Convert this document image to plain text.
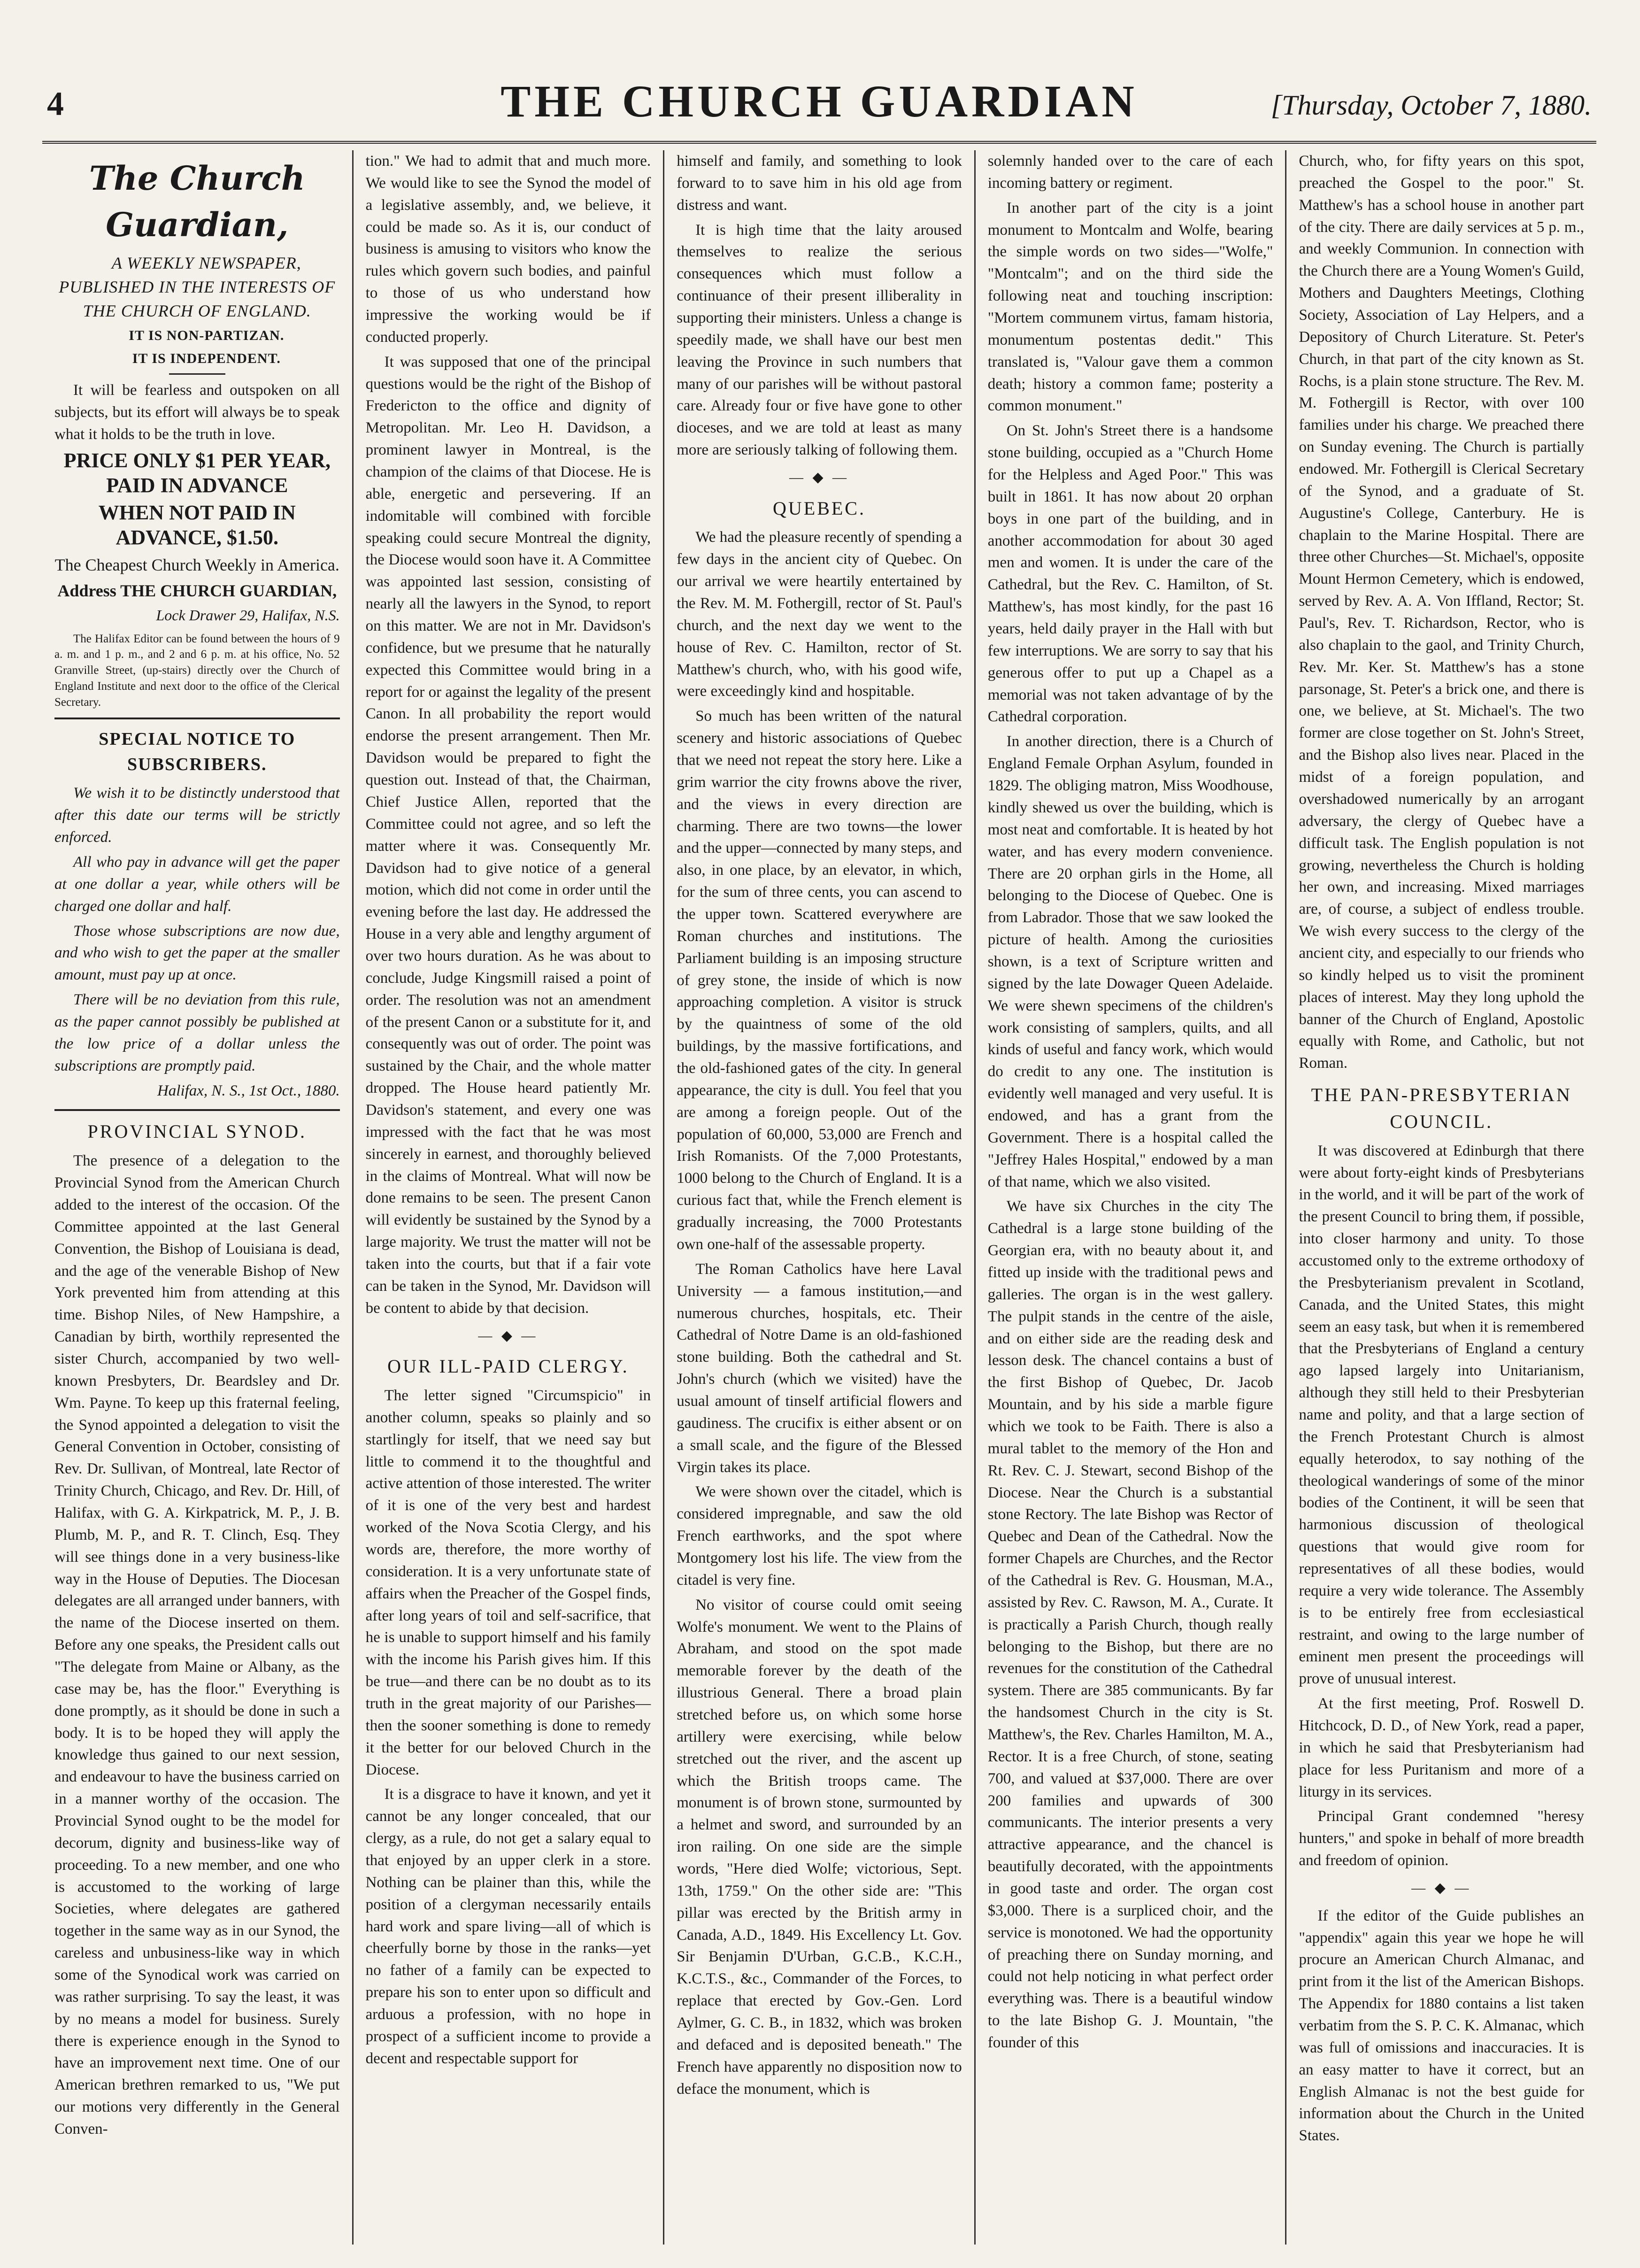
4	THE CHURCH GUARDIAN	[Thursday, October 7, 1880.
The Church Guardian,

A WEEKLY NEWSPAPER, PUBLISHED IN THE INTERESTS OF THE CHURCH OF ENGLAND.

IT IS NON-PARTIZAN.

IT IS INDEPENDENT.

It will be fearless and outspoken on all subjects, but its effort will always be to speak what it holds to be the truth in love.

PRICE ONLY $1 PER YEAR, PAID IN ADVANCE
WHEN NOT PAID IN ADVANCE, $1.50.
The Cheapest Church Weekly in America.
Address THE CHURCH GUARDIAN,
Lock Drawer 29, Halifax, N.S.

The Halifax Editor can be found between the hours of 9 a. m. and 1 p. m., and 2 and 6 p. m. at his office, No. 52 Granville Street, (up-stairs) directly over the Church of England Institute and next door to the office of the Clerical Secretary.

SPECIAL NOTICE TO SUBSCRIBERS.

We wish it to be distinctly understood that after this date our terms will be strictly enforced.

All who pay in advance will get the paper at one dollar a year, while others will be charged one dollar and half.

Those whose subscriptions are now due, and who wish to get the paper at the smaller amount, must pay up at once.

There will be no deviation from this rule, as the paper cannot possibly be published at the low price of a dollar unless the subscriptions are promptly paid.

Halifax, N. S., 1st Oct., 1880.

PROVINCIAL SYNOD.

The presence of a delegation to the Provincial Synod from the American Church added to the interest of the occasion. Of the Committee appointed at the last General Convention, the Bishop of Louisiana is dead, and the age of the venerable Bishop of New York prevented him from attending at this time. Bishop Niles, of New Hampshire, a Canadian by birth, worthily represented the sister Church, accompanied by two well-known Presbyters, Dr. Beardsley and Dr. Wm. Payne. To keep up this fraternal feeling, the Synod appointed a delegation to visit the General Convention in October, consisting of Rev. Dr. Sullivan, of Montreal, late Rector of Trinity Church, Chicago, and Rev. Dr. Hill, of Halifax, with G. A. Kirkpatrick, M. P., J. B. Plumb, M. P., and R. T. Clinch, Esq. They will see things done in a very business-like way in the House of Deputies. The Diocesan delegates are all arranged under banners, with the name of the Diocese inserted on them. Before any one speaks, the President calls out "The delegate from Maine or Albany, as the case may be, has the floor." Everything is done promptly, as it should be done in such a body. It is to be hoped they will apply the knowledge thus gained to our next session, and endeavour to have the business carried on in a manner worthy of the occasion. The Provincial Synod ought to be the model for decorum, dignity and business-like way of proceeding. To a new member, and one who is accustomed to the working of large Societies, where delegates are gathered together in the same way as in our Synod, the careless and unbusiness-like way in which some of the Synodical work was carried on was rather surprising. To say the least, it was by no means a model for business. Surely there is experience enough in the Synod to have an improvement next time. One of our American brethren remarked to us, "We put our motions very differently in the General Conven-

tion." We had to admit that and much more. We would like to see the Synod the model of a legislative assembly, and, we believe, it could be made so. As it is, our conduct of business is amusing to visitors who know the rules which govern such bodies, and painful to those of us who understand how impressive the working would be if conducted properly.

It was supposed that one of the principal questions would be the right of the Bishop of Fredericton to the office and dignity of Metropolitan. Mr. Leo H. Davidson, a prominent lawyer in Montreal, is the champion of the claims of that Diocese. He is able, energetic and persevering. If an indomitable will combined with forcible speaking could secure Montreal the dignity, the Diocese would soon have it. A Committee was appointed last session, consisting of nearly all the lawyers in the Synod, to report on this matter. We are not in Mr. Davidson's confidence, but we presume that he naturally expected this Committee would bring in a report for or against the legality of the present Canon. In all probability the report would endorse the present arrangement. Then Mr. Davidson would be prepared to fight the question out. Instead of that, the Chairman, Chief Justice Allen, reported that the Committee could not agree, and so left the matter where it was. Consequently Mr. Davidson had to give notice of a general motion, which did not come in order until the evening before the last day. He addressed the House in a very able and lengthy argument of over two hours duration. As he was about to conclude, Judge Kingsmill raised a point of order. The resolution was not an amendment of the present Canon or a substitute for it, and consequently was out of order. The point was sustained by the Chair, and the whole matter dropped. The House heard patiently Mr. Davidson's statement, and every one was impressed with the fact that he was most sincerely in earnest, and thoroughly believed in the claims of Montreal. What will now be done remains to be seen. The present Canon will evidently be sustained by the Synod by a large majority. We trust the matter will not be taken into the courts, but that if a fair vote can be taken in the Synod, Mr. Davidson will be content to abide by that decision.

— ◆ —
OUR ILL-PAID CLERGY.

The letter signed "Circumspicio" in another column, speaks so plainly and so startlingly for itself, that we need say but little to commend it to the thoughtful and active attention of those interested. The writer of it is one of the very best and hardest worked of the Nova Scotia Clergy, and his words are, therefore, the more worthy of consideration. It is a very unfortunate state of affairs when the Preacher of the Gospel finds, after long years of toil and self-sacrifice, that he is unable to support himself and his family with the income his Parish gives him. If this be true—and there can be no doubt as to its truth in the great majority of our Parishes—then the sooner something is done to remedy it the better for our beloved Church in the Diocese.

It is a disgrace to have it known, and yet it cannot be any longer concealed, that our clergy, as a rule, do not get a salary equal to that enjoyed by an upper clerk in a store. Nothing can be plainer than this, while the position of a clergyman necessarily entails hard work and spare living—all of which is cheerfully borne by those in the ranks—yet no father of a family can be expected to prepare his son to enter upon so difficult and arduous a profession, with no hope in prospect of a sufficient income to provide a decent and respectable support for

himself and family, and something to look forward to to save him in his old age from distress and want.

It is high time that the laity aroused themselves to realize the serious consequences which must follow a continuance of their present illiberality in supporting their ministers. Unless a change is speedily made, we shall have our best men leaving the Province in such numbers that many of our parishes will be without pastoral care. Already four or five have gone to other dioceses, and we are told at least as many more are seriously talking of following them.

— ◆ —
QUEBEC.

We had the pleasure recently of spending a few days in the ancient city of Quebec. On our arrival we were heartily entertained by the Rev. M. M. Fothergill, rector of St. Paul's church, and the next day we went to the house of Rev. C. Hamilton, rector of St. Matthew's church, who, with his good wife, were exceedingly kind and hospitable.

So much has been written of the natural scenery and historic associations of Quebec that we need not repeat the story here. Like a grim warrior the city frowns above the river, and the views in every direction are charming. There are two towns—the lower and the upper—connected by many steps, and also, in one place, by an elevator, in which, for the sum of three cents, you can ascend to the upper town. Scattered everywhere are Roman churches and institutions. The Parliament building is an imposing structure of grey stone, the inside of which is now approaching completion. A visitor is struck by the quaintness of some of the old buildings, by the massive fortifications, and the old-fashioned gates of the city. In general appearance, the city is dull. You feel that you are among a foreign people. Out of the population of 60,000, 53,000 are French and Irish Romanists. Of the 7,000 Protestants, 1000 belong to the Church of England. It is a curious fact that, while the French element is gradually increasing, the 7000 Protestants own one-half of the assessable property.

The Roman Catholics have here Laval University — a famous institution,—and numerous churches, hospitals, etc. Their Cathedral of Notre Dame is an old-fashioned stone building. Both the cathedral and St. John's church (which we visited) have the usual amount of tinself artificial flowers and gaudiness. The crucifix is either absent or on a small scale, and the figure of the Blessed Virgin takes its place.

We were shown over the citadel, which is considered impregnable, and saw the old French earthworks, and the spot where Montgomery lost his life. The view from the citadel is very fine.

No visitor of course could omit seeing Wolfe's monument. We went to the Plains of Abraham, and stood on the spot made memorable forever by the death of the illustrious General. There a broad plain stretched before us, on which some horse artillery were exercising, while below stretched out the river, and the ascent up which the British troops came. The monument is of brown stone, surmounted by a helmet and sword, and surrounded by an iron railing. On one side are the simple words, "Here died Wolfe; victorious, Sept. 13th, 1759." On the other side are: "This pillar was erected by the British army in Canada, A.D., 1849. His Excellency Lt. Gov. Sir Benjamin D'Urban, G.C.B., K.C.H., K.C.T.S., &c., Commander of the Forces, to replace that erected by Gov.-Gen. Lord Aylmer, G. C. B., in 1832, which was broken and defaced and is deposited beneath." The French have apparently no disposition now to deface the monument, which is

solemnly handed over to the care of each incoming battery or regiment.

In another part of the city is a joint monument to Montcalm and Wolfe, bearing the simple words on two sides—"Wolfe," "Montcalm"; and on the third side the following neat and touching inscription: "Mortem communem virtus, famam historia, monumentum postentas dedit." This translated is, "Valour gave them a common death; history a common fame; posterity a common monument."

On St. John's Street there is a handsome stone building, occupied as a "Church Home for the Helpless and Aged Poor." This was built in 1861. It has now about 20 orphan boys in one part of the building, and in another accommodation for about 30 aged men and women. It is under the care of the Cathedral, but the Rev. C. Hamilton, of St. Matthew's, has most kindly, for the past 16 years, held daily prayer in the Hall with but few interruptions. We are sorry to say that his generous offer to put up a Chapel as a memorial was not taken advantage of by the Cathedral corporation.

In another direction, there is a Church of England Female Orphan Asylum, founded in 1829. The obliging matron, Miss Woodhouse, kindly shewed us over the building, which is most neat and comfortable. It is heated by hot water, and has every modern convenience. There are 20 orphan girls in the Home, all belonging to the Diocese of Quebec. One is from Labrador. Those that we saw looked the picture of health. Among the curiosities shown, is a text of Scripture written and signed by the late Dowager Queen Adelaide. We were shewn specimens of the children's work consisting of samplers, quilts, and all kinds of useful and fancy work, which would do credit to any one. The institution is evidently well managed and very useful. It is endowed, and has a grant from the Government. There is a hospital called the "Jeffrey Hales Hospital," endowed by a man of that name, which we also visited.

We have six Churches in the city The Cathedral is a large stone building of the Georgian era, with no beauty about it, and fitted up inside with the traditional pews and galleries. The organ is in the west gallery. The pulpit stands in the centre of the aisle, and on either side are the reading desk and lesson desk. The chancel contains a bust of the first Bishop of Quebec, Dr. Jacob Mountain, and by his side a marble figure which we took to be Faith. There is also a mural tablet to the memory of the Hon and Rt. Rev. C. J. Stewart, second Bishop of the Diocese. Near the Church is a substantial stone Rectory. The late Bishop was Rector of Quebec and Dean of the Cathedral. Now the former Chapels are Churches, and the Rector of the Cathedral is Rev. G. Housman, M.A., assisted by Rev. C. Rawson, M. A., Curate. It is practically a Parish Church, though really belonging to the Bishop, but there are no revenues for the constitution of the Cathedral system. There are 385 communicants. By far the handsomest Church in the city is St. Matthew's, the Rev. Charles Hamilton, M. A., Rector. It is a free Church, of stone, seating 700, and valued at $37,000. There are over 200 families and upwards of 300 communicants. The interior presents a very attractive appearance, and the chancel is beautifully decorated, with the appointments in good taste and order. The organ cost $3,000. There is a surpliced choir, and the service is monotoned. We had the opportunity of preaching there on Sunday morning, and could not help noticing in what perfect order everything was. There is a beautiful window to the late Bishop G. J. Mountain, "the founder of this

Church, who, for fifty years on this spot, preached the Gospel to the poor." St. Matthew's has a school house in another part of the city. There are daily services at 5 p. m., and weekly Communion. In connection with the Church there are a Young Women's Guild, Mothers and Daughters Meetings, Clothing Society, Association of Lay Helpers, and a Depository of Church Literature. St. Peter's Church, in that part of the city known as St. Rochs, is a plain stone structure. The Rev. M. M. Fothergill is Rector, with over 100 families under his charge. We preached there on Sunday evening. The Church is partially endowed. Mr. Fothergill is Clerical Secretary of the Synod, and a graduate of St. Augustine's College, Canterbury. He is chaplain to the Marine Hospital. There are three other Churches—St. Michael's, opposite Mount Hermon Cemetery, which is endowed, served by Rev. A. A. Von Iffland, Rector; St. Paul's, Rev. T. Richardson, Rector, who is also chaplain to the gaol, and Trinity Church, Rev. Mr. Ker. St. Matthew's has a stone parsonage, St. Peter's a brick one, and there is one, we believe, at St. Michael's. The two former are close together on St. John's Street, and the Bishop also lives near. Placed in the midst of a foreign population, and overshadowed numerically by an arrogant adversary, the clergy of Quebec have a difficult task. The English population is not growing, nevertheless the Church is holding her own, and increasing. Mixed marriages are, of course, a subject of endless trouble. We wish every success to the clergy of the ancient city, and especially to our friends who so kindly helped us to visit the prominent places of interest. May they long uphold the banner of the Church of England, Apostolic equally with Rome, and Catholic, but not Roman.

THE PAN-PRESBYTERIAN COUNCIL.

It was discovered at Edinburgh that there were about forty-eight kinds of Presbyterians in the world, and it will be part of the work of the present Council to bring them, if possible, into closer harmony and unity. To those accustomed only to the extreme orthodoxy of the Presbyterianism prevalent in Scotland, Canada, and the United States, this might seem an easy task, but when it is remembered that the Presbyterians of England a century ago lapsed largely into Unitarianism, although they still held to their Presbyterian name and polity, and that a large section of the French Protestant Church is almost equally heterodox, to say nothing of the theological wanderings of some of the minor bodies of the Continent, it will be seen that harmonious discussion of theological questions that would give room for representatives of all these bodies, would require a very wide tolerance. The Assembly is to be entirely free from ecclesiastical restraint, and owing to the large number of eminent men present the proceedings will prove of unusual interest.

At the first meeting, Prof. Roswell D. Hitchcock, D. D., of New York, read a paper, in which he said that Presbyterianism had place for less Puritanism and more of a liturgy in its services.

Principal Grant condemned "heresy hunters," and spoke in behalf of more breadth and freedom of opinion.

— ◆ —

If the editor of the Guide publishes an "appendix" again this year we hope he will procure an American Church Almanac, and print from it the list of the American Bishops. The Appendix for 1880 contains a list taken verbatim from the S. P. C. K. Almanac, which was full of omissions and inaccuracies. It is an easy matter to have it correct, but an English Almanac is not the best guide for information about the Church in the United States.
